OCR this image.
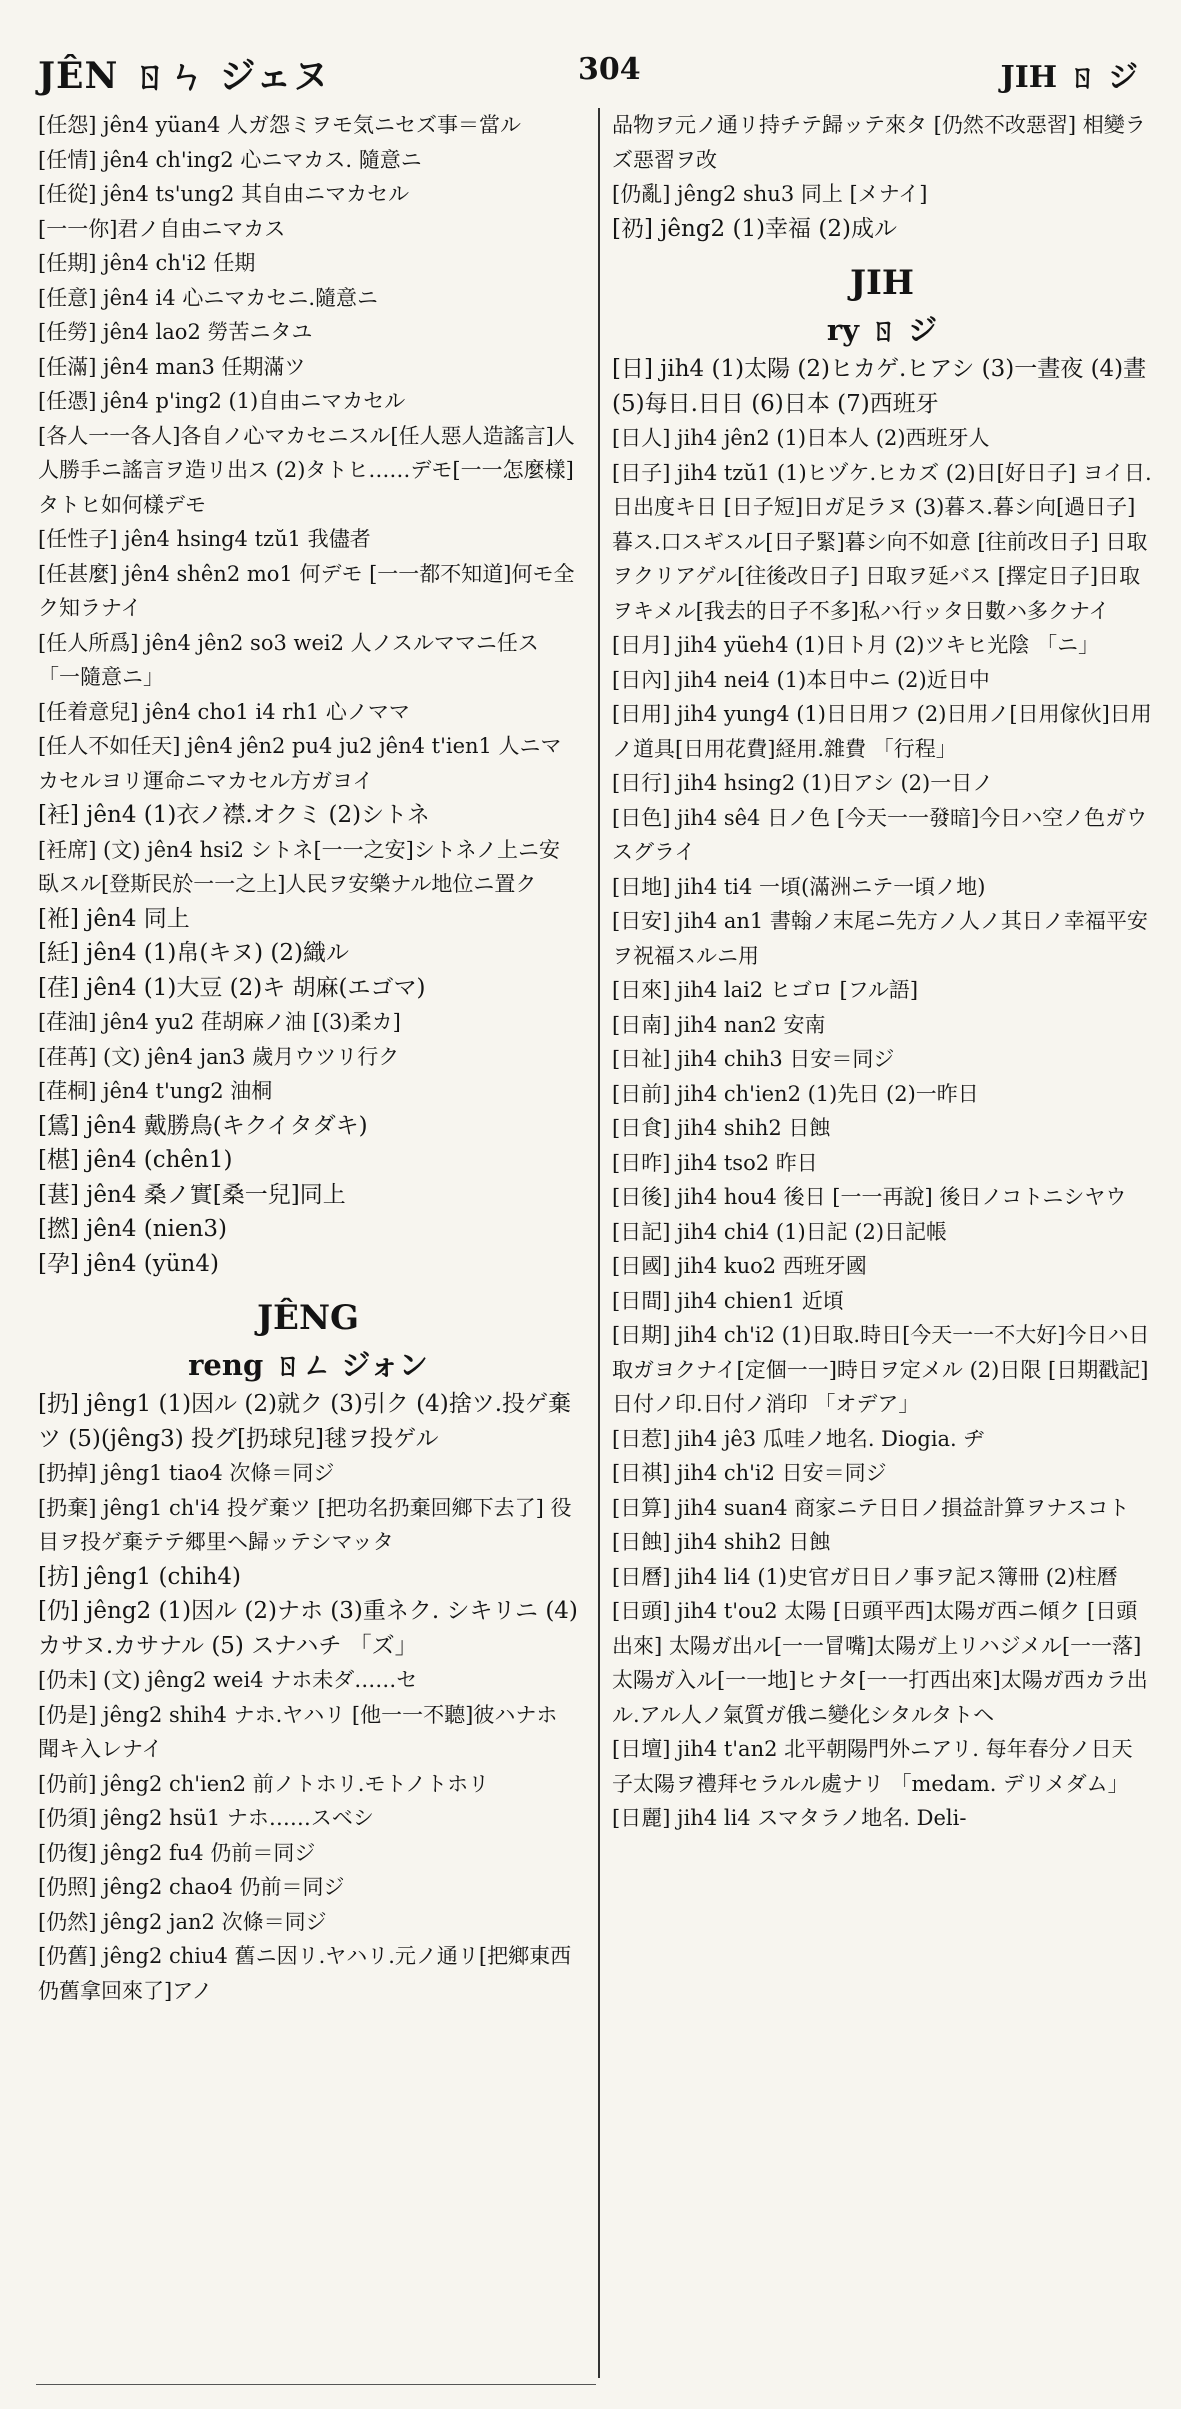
JÊN ㄖㄣ ジェヌ	304	JIH ㄖ ジ
[任怨] jên4 yüan4 人ガ怨ミヲモ気ニセズ事＝當ル
[任情] jên4 ch'ing2 心ニマカス. 隨意ニ
[任從] jên4 ts'ung2 其自由ニマカセル
[一一你]君ノ自由ニマカス
[任期] jên4 ch'i2 任期
[任意] jên4 i4 心ニマカセニ.隨意ニ
[任勞] jên4 lao2 勞苦ニタユ
[任滿] jên4 man3 任期滿ツ
[任憑] jên4 p'ing2 (1)自由ニマカセル
[各人一一各人]各自ノ心マカセニスル[任人惡人造謠言]人人勝手ニ謠言ヲ造リ出ス (2)タトヒ……デモ[一一怎麼樣]タトヒ如何樣デモ
[任性子] jên4 hsing4 tzŭ1 我儘者
[任甚麼] jên4 shên2 mo1 何デモ [一一都不知道]何モ全ク知ラナイ
[任人所爲] jên4 jên2 so3 wei2 人ノスルママニ任ス 「一隨意ニ」
[任着意兒] jên4 cho1 i4 rh1 心ノママ
[任人不如任天] jên4 jên2 pu4 ju2 jên4 t'ien1 人ニマカセルヨリ運命ニマカセル方ガヨイ
[衽] jên4 (1)衣ノ襟.オクミ (2)シトネ
[衽席] (文) jên4 hsi2 シトネ[一一之安]シトネノ上ニ安臥スル[登斯民於一一之上]人民ヲ安樂ナル地位ニ置ク
[袵] jên4 同上
[紝] jên4 (1)帛(キヌ) (2)織ル
[荏] jên4 (1)大豆 (2)キ 胡麻(エゴマ)
[荏油] jên4 yu2 荏胡麻ノ油 [(3)柔カ]
[荏苒] (文) jên4 jan3 歲月ウツリ行ク
[荏桐] jên4 t'ung2 油桐
[鵀] jên4 戴勝鳥(キクイタダキ)
[椹] jên4 (chên1)
[葚] jên4 桑ノ實[桑一兒]同上
[撚] jên4 (nien3)
[孕] jên4 (yün4)
JÊNG
reng ㄖㄥ ジォン
[扔] jêng1 (1)因ル (2)就ク (3)引ク (4)捨ツ.投ゲ棄ツ (5)(jêng3) 投グ[扔球兒]毬ヲ投ゲル
[扔掉] jêng1 tiao4 次條＝同ジ
[扔棄] jêng1 ch'i4 投ゲ棄ツ [把功名扔棄回鄉下去了] 役目ヲ投ゲ棄テテ郷里ヘ歸ッテシマッタ
[㧍] jêng1 (chih4)
[仍] jêng2 (1)因ル (2)ナホ (3)重ネク. シキリニ (4) カサヌ.カサナル (5) スナハチ 「ズ」
[仍未] (文) jêng2 wei4 ナホ未ダ……セ
[仍是] jêng2 shih4 ナホ.ヤハリ [他一一不聽]彼ハナホ聞キ入レナイ
[仍前] jêng2 ch'ien2 前ノトホリ.モトノトホリ
[仍須] jêng2 hsü1 ナホ……スベシ
[仍復] jêng2 fu4 仍前＝同ジ
[仍照] jêng2 chao4 仍前＝同ジ
[仍然] jêng2 jan2 次條＝同ジ
[仍舊] jêng2 chiu4 舊ニ因リ.ヤハリ.元ノ通リ[把鄉東西仍舊拿回來了]アノ
品物ヲ元ノ通リ持チテ歸ッテ來タ [仍然不改惡習] 相變ラズ惡習ヲ改
[仍亂] jêng2 shu3 同上 [メナイ]
[礽] jêng2 (1)幸福 (2)成ル
JIH
ry ㄖ ジ
[日] jih4 (1)太陽 (2)ヒカゲ.ヒアシ (3)一晝夜 (4)晝 (5)每日.日日 (6)日本 (7)西班牙
[日人] jih4 jên2 (1)日本人 (2)西班牙人
[日子] jih4 tzŭ1 (1)ヒヅケ.ヒカズ (2)日[好日子] ヨイ日.日出度キ日 [日子短]日ガ足ラヌ (3)暮ス.暮シ向[過日子]暮ス.口スギスル[日子緊]暮シ向不如意 [往前改日子] 日取ヲクリアゲル[往後改日子] 日取ヲ延バス [擇定日子]日取ヲキメル[我去的日子不多]私ハ行ッタ日數ハ多クナイ
[日月] jih4 yüeh4 (1)日ト月 (2)ツキヒ光陰 「ニ」
[日內] jih4 nei4 (1)本日中ニ (2)近日中
[日用] jih4 yung4 (1)日日用フ (2)日用ノ[日用傢伙]日用ノ道具[日用花費]経用.雜費 「行程」
[日行] jih4 hsing2 (1)日アシ (2)一日ノ
[日色] jih4 sê4 日ノ色 [今天一一發暗]今日ハ空ノ色ガウスグライ
[日地] jih4 ti4 一頃(滿洲ニテ一頃ノ地)
[日安] jih4 an1 書翰ノ末尾ニ先方ノ人ノ其日ノ幸福平安ヲ祝福スルニ用
[日來] jih4 lai2 ヒゴロ [フル語]
[日南] jih4 nan2 安南
[日祉] jih4 chih3 日安＝同ジ
[日前] jih4 ch'ien2 (1)先日 (2)一昨日
[日食] jih4 shih2 日蝕
[日昨] jih4 tso2 昨日
[日後] jih4 hou4 後日 [一一再說] 後日ノコトニシヤウ
[日記] jih4 chi4 (1)日記 (2)日記帳
[日國] jih4 kuo2 西班牙國
[日間] jih4 chien1 近頃
[日期] jih4 ch'i2 (1)日取.時日[今天一一不大好]今日ハ日取ガヨクナイ[定個一一]時日ヲ定メル (2)日限 [日期戳記]日付ノ印.日付ノ消印 「オデア」
[日惹] jih4 jê3 瓜哇ノ地名. Diogia. ヂ
[日祺] jih4 ch'i2 日安＝同ジ
[日算] jih4 suan4 商家ニテ日日ノ損益計算ヲナスコト
[日蝕] jih4 shih2 日蝕
[日曆] jih4 li4 (1)史官ガ日日ノ事ヲ記ス簿冊 (2)柱曆
[日頭] jih4 t'ou2 太陽 [日頭平西]太陽ガ西ニ傾ク [日頭出來] 太陽ガ出ル[一一冒嘴]太陽ガ上リハジメル[一一落]太陽ガ入ル[一一地]ヒナタ[一一打西出來]太陽ガ西カラ出ル.アル人ノ氣質ガ俄ニ變化シタルタトヘ
[日壇] jih4 t'an2 北平朝陽門外ニアリ. 每年春分ノ日天子太陽ヲ禮拜セラルル處ナリ 「medam. デリメダム」
[日麗] jih4 li4 スマタラノ地名. Deli-
